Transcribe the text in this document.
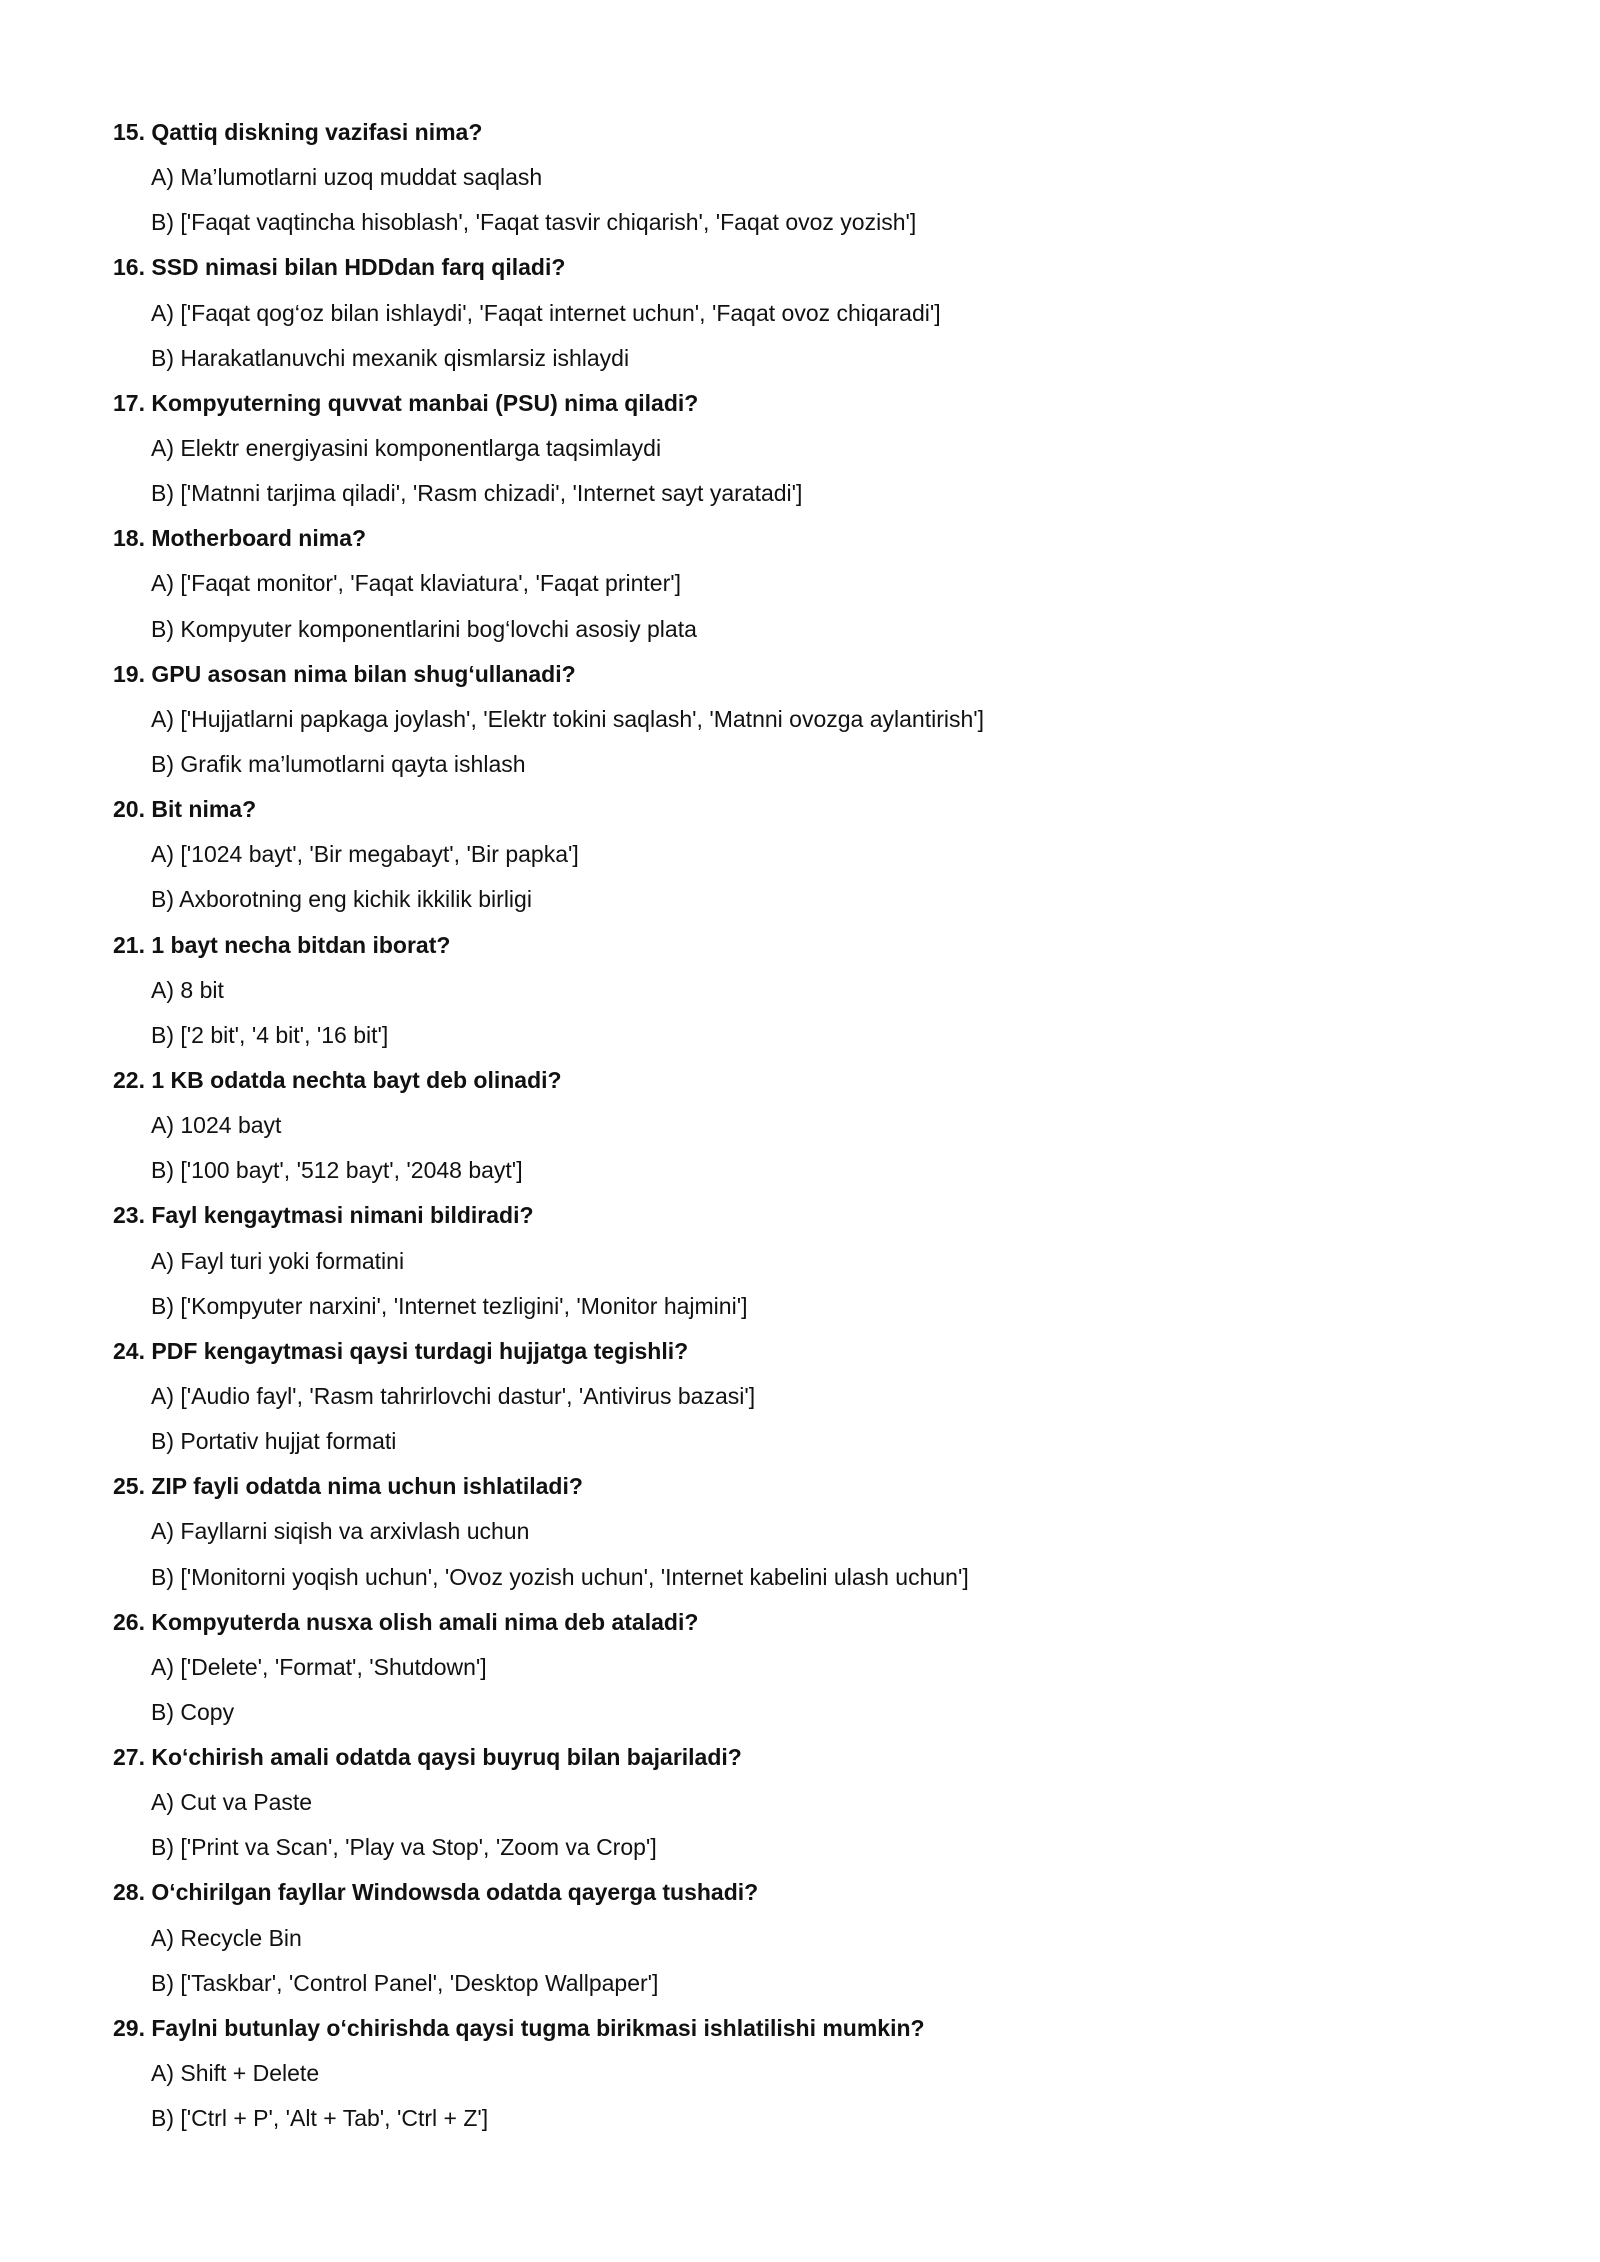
15. Qattiq diskning vazifasi nima?
A) Ma’lumotlarni uzoq muddat saqlash
B) ['Faqat vaqtincha hisoblash', 'Faqat tasvir chiqarish', 'Faqat ovoz yozish']
16. SSD nimasi bilan HDDdan farq qiladi?
A) ['Faqat qog‘oz bilan ishlaydi', 'Faqat internet uchun', 'Faqat ovoz chiqaradi']
B) Harakatlanuvchi mexanik qismlarsiz ishlaydi
17. Kompyuterning quvvat manbai (PSU) nima qiladi?
A) Elektr energiyasini komponentlarga taqsimlaydi
B) ['Matnni tarjima qiladi', 'Rasm chizadi', 'Internet sayt yaratadi']
18. Motherboard nima?
A) ['Faqat monitor', 'Faqat klaviatura', 'Faqat printer']
B) Kompyuter komponentlarini bog‘lovchi asosiy plata
19. GPU asosan nima bilan shug‘ullanadi?
A) ['Hujjatlarni papkaga joylash', 'Elektr tokini saqlash', 'Matnni ovozga aylantirish']
B) Grafik ma’lumotlarni qayta ishlash
20. Bit nima?
A) ['1024 bayt', 'Bir megabayt', 'Bir papka']
B) Axborotning eng kichik ikkilik birligi
21. 1 bayt necha bitdan iborat?
A) 8 bit
B) ['2 bit', '4 bit', '16 bit']
22. 1 KB odatda nechta bayt deb olinadi?
A) 1024 bayt
B) ['100 bayt', '512 bayt', '2048 bayt']
23. Fayl kengaytmasi nimani bildiradi?
A) Fayl turi yoki formatini
B) ['Kompyuter narxini', 'Internet tezligini', 'Monitor hajmini']
24. PDF kengaytmasi qaysi turdagi hujjatga tegishli?
A) ['Audio fayl', 'Rasm tahrirlovchi dastur', 'Antivirus bazasi']
B) Portativ hujjat formati
25. ZIP fayli odatda nima uchun ishlatiladi?
A) Fayllarni siqish va arxivlash uchun
B) ['Monitorni yoqish uchun', 'Ovoz yozish uchun', 'Internet kabelini ulash uchun']
26. Kompyuterda nusxa olish amali nima deb ataladi?
A) ['Delete', 'Format', 'Shutdown']
B) Copy
27. Ko‘chirish amali odatda qaysi buyruq bilan bajariladi?
A) Cut va Paste
B) ['Print va Scan', 'Play va Stop', 'Zoom va Crop']
28. O‘chirilgan fayllar Windowsda odatda qayerga tushadi?
A) Recycle Bin
B) ['Taskbar', 'Control Panel', 'Desktop Wallpaper']
29. Faylni butunlay o‘chirishda qaysi tugma birikmasi ishlatilishi mumkin?
A) Shift + Delete
B) ['Ctrl + P', 'Alt + Tab', 'Ctrl + Z']
